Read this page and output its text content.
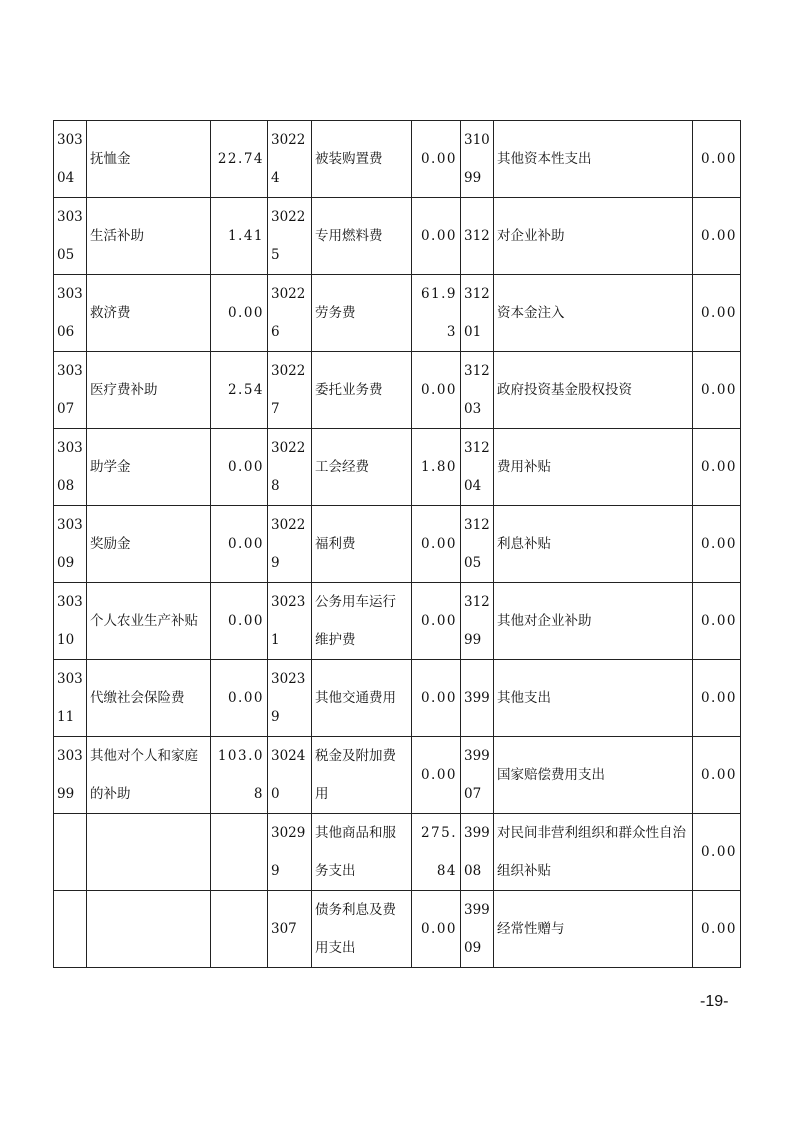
30304	抚恤金	22.74	30224	被装购置费	0.00	31099	其他资本性支出	0.00
30305	生活补助	1.41	30225	专用燃料费	0.00	312	对企业补助	0.00
30306	救济费	0.00	30226	劳务费	61.93	31201	资本金注入	0.00
30307	医疗费补助	2.54	30227	委托业务费	0.00	31203	政府投资基金股权投资	0.00
30308	助学金	0.00	30228	工会经费	1.80	31204	费用补贴	0.00
30309	奖励金	0.00	30229	福利费	0.00	31205	利息补贴	0.00
30310	个人农业生产补贴	0.00	30231	公务用车运行维护费	0.00	31299	其他对企业补助	0.00
30311	代缴社会保险费	0.00	30239	其他交通费用	0.00	399	其他支出	0.00
30399	其他对个人和家庭的补助	103.08	30240	税金及附加费用	0.00	39907	国家赔偿费用支出	0.00
			30299	其他商品和服务支出	275.84	39908	对民间非营利组织和群众性自治组织补贴	0.00
			307	债务利息及费用支出	0.00	39909	经常性赠与	0.00
-19-
